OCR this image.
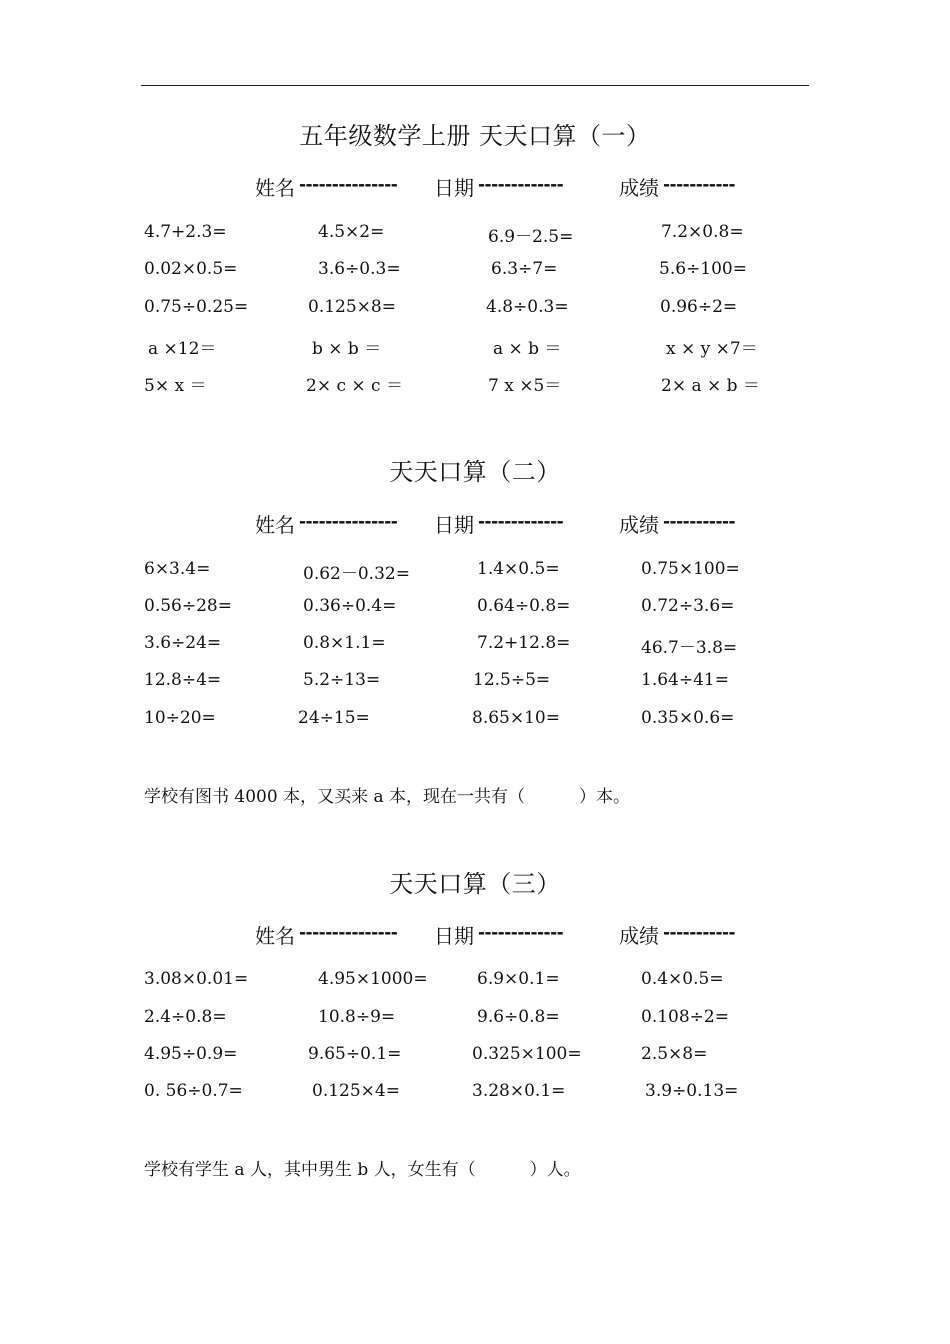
五年级数学上册 天天口算（一）
姓名 --------------- 日期 -------------	成绩 -----------
4.7+2.3=	4.5×2=	6.9－2.5=	7.2×0.8=
0.02×0.5=	3.6÷0.3=	6.3÷7=	5.6÷100=
0.75÷0.25=	0.125×8=	4.8÷0.3=	0.96÷2=
a ×12＝	b × b ＝	a × b ＝	x × y ×7＝
5× x ＝	2× c × c ＝	7 x ×5＝	2× a × b ＝
天天口算（二）
姓名 --------------- 日期 -------------	成绩 -----------
6×3.4=	0.62－0.32=	1.4×0.5=	0.75×100=
0.56÷28=	0.36÷0.4=	0.64÷0.8=	0.72÷3.6=
3.6÷24=	0.8×1.1=	7.2+12.8=	46.7－3.8=
12.8÷4=	5.2÷13=	12.5÷5=	1.64÷41=
10÷20=	24÷15=	8.65×10=	0.35×0.6=
学校有图书 4000 本，又买来 a 本，现在一共有（          ）本。
天天口算（三）
姓名 --------------- 日期 -------------	成绩 -----------
3.08×0.01=	4.95×1000=	6.9×0.1=	0.4×0.5=
2.4÷0.8=	10.8÷9=	9.6÷0.8=	0.108÷2=
4.95÷0.9=	9.65÷0.1=	0.325×100=	2.5×8=
0. 56÷0.7=	0.125×4=	3.28×0.1=	3.9÷0.13=
学校有学生 a 人，其中男生 b 人，女生有（          ）人。
